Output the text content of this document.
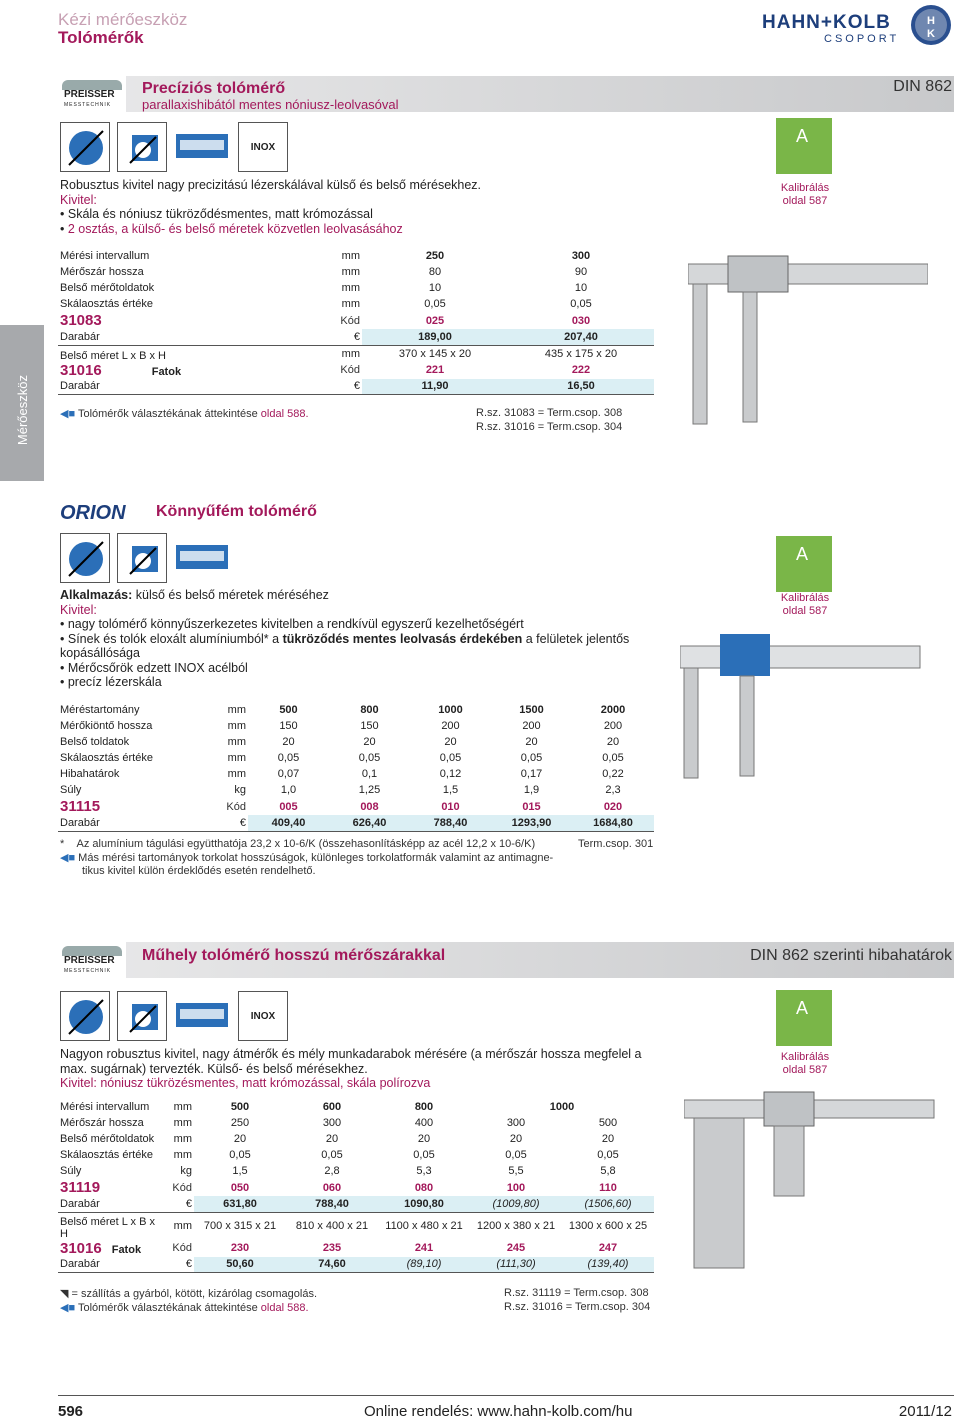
Kézi mérőeszköz
Tolómérők
HAHN+KOLB
CSOPORT
H
K
Mérőeszköz
PREISSER
MESSTECHNIK
Precíziós tolómérő
parallaxishibától mentes nóniusz-leolvasóval
DIN 862
INOX
A
Kalibrálás
oldal 587
Robusztus kivitel nagy precizitású lézerskálával külső és belső mérésekhez.
Kivitel:
• Skála és nóniusz tükröződésmentes, matt krómozással
• 2 osztás, a külső- és belső méretek közvetlen leolvasásához
Mérési intervallum	mm	250	300
Mérőszár hossza	mm	80	90
Belső mérőtoldatok	mm	10	10
Skálaosztás értéke	mm	0,05	0,05
31083	Kód	025	030
Darabár	€	189,00	207,40
Belső méret L x B x H	mm	370 x 145 x 20	435 x 175 x 20
31016 Fatok	Kód	221	222
Darabár	€	11,90	16,50
◀■ Tolómérők választékának áttekintése oldal 588.	R.sz. 31083 = Term.csop. 308
R.sz. 31016 = Term.csop. 304
ORION Könnyűfém tolómérő
A
Kalibrálás
oldal 587
Alkalmazás: külső és belső méretek méréséhez
Kivitel:
• nagy tolómérő könnyűszerkezetes kivitelben a rendkívül egyszerű kezelhetőségért
• Sínek és tolók eloxált alumíniumból* a tükröződés mentes leolvasás érdekében a felületek jelentős kopásállósága
• Mérőcsőrök edzett INOX acélból
• precíz lézerskála
Méréstartomány	mm	500	800	1000	1500	2000
Mérőkiöntő hossza	mm	150	150	200	200	200
Belső toldatok	mm	20	20	20	20	20
Skálaosztás értéke	mm	0,05	0,05	0,05	0,05	0,05
Hibahatárok	mm	0,07	0,1	0,12	0,17	0,22
Súly	kg	1,0	1,25	1,5	1,9	2,3
31115	Kód	005	008	010	015	020
Darabár	€	409,40	626,40	788,40	1293,90	1684,80
* Az alumínium tágulási együtthatója 23,2 x 10-6/K (összehasonlításképp az acél 12,2 x 10-6/K)	Term.csop. 301
◀■ Más mérési tartományok torkolat hosszúságok, különleges torkolatformák valamint az antimagne-
tikus kivitel külön érdeklődés esetén rendelhető.
PREISSER
MESSTECHNIK
Műhely tolómérő hosszú mérőszárakkal	DIN 862 szerinti hibahatárok
INOX	A
Kalibrálás
oldal 587
Nagyon robusztus kivitel, nagy átmérők és mély munkadarabok mérésére (a mérőszár hossza megfelel a
max. sugárnak) tervezték. Külső- és belső mérésekhez.
Kivitel: nóniusz tükrözésmentes, matt krómozással, skála polírozva
Mérési intervallum	mm	500	600	800	1000	
Mérőszár hossza	mm	250	300	400	300	500
Belső mérőtoldatok	mm	20	20	20	20	20
Skálaosztás értéke	mm	0,05	0,05	0,05	0,05	0,05
Súly	kg	1,5	2,8	5,3	5,5	5,8
31119	Kód	050	060	080	100	110
Darabár	€	631,80	788,40	1090,80	(1009,80)	(1506,60)
Belső méret L x B x H	mm	700 x 315 x 21	810 x 400 x 21	1100 x 480 x 21	1200 x 380 x 21	1300 x 600 x 25
31016 Fatok	Kód	230	235	241	245	247
Darabár	€	50,60	74,60	(89,10)	(111,30)	(139,40)
◥ = szállítás a gyárból, kötött, kizárólag csomagolás.
◀■ Tolómérők választékának áttekintése oldal 588.
R.sz. 31119 = Term.csop. 308
R.sz. 31016 = Term.csop. 304
596	Online rendelés: www.hahn-kolb.com/hu	2011/12
